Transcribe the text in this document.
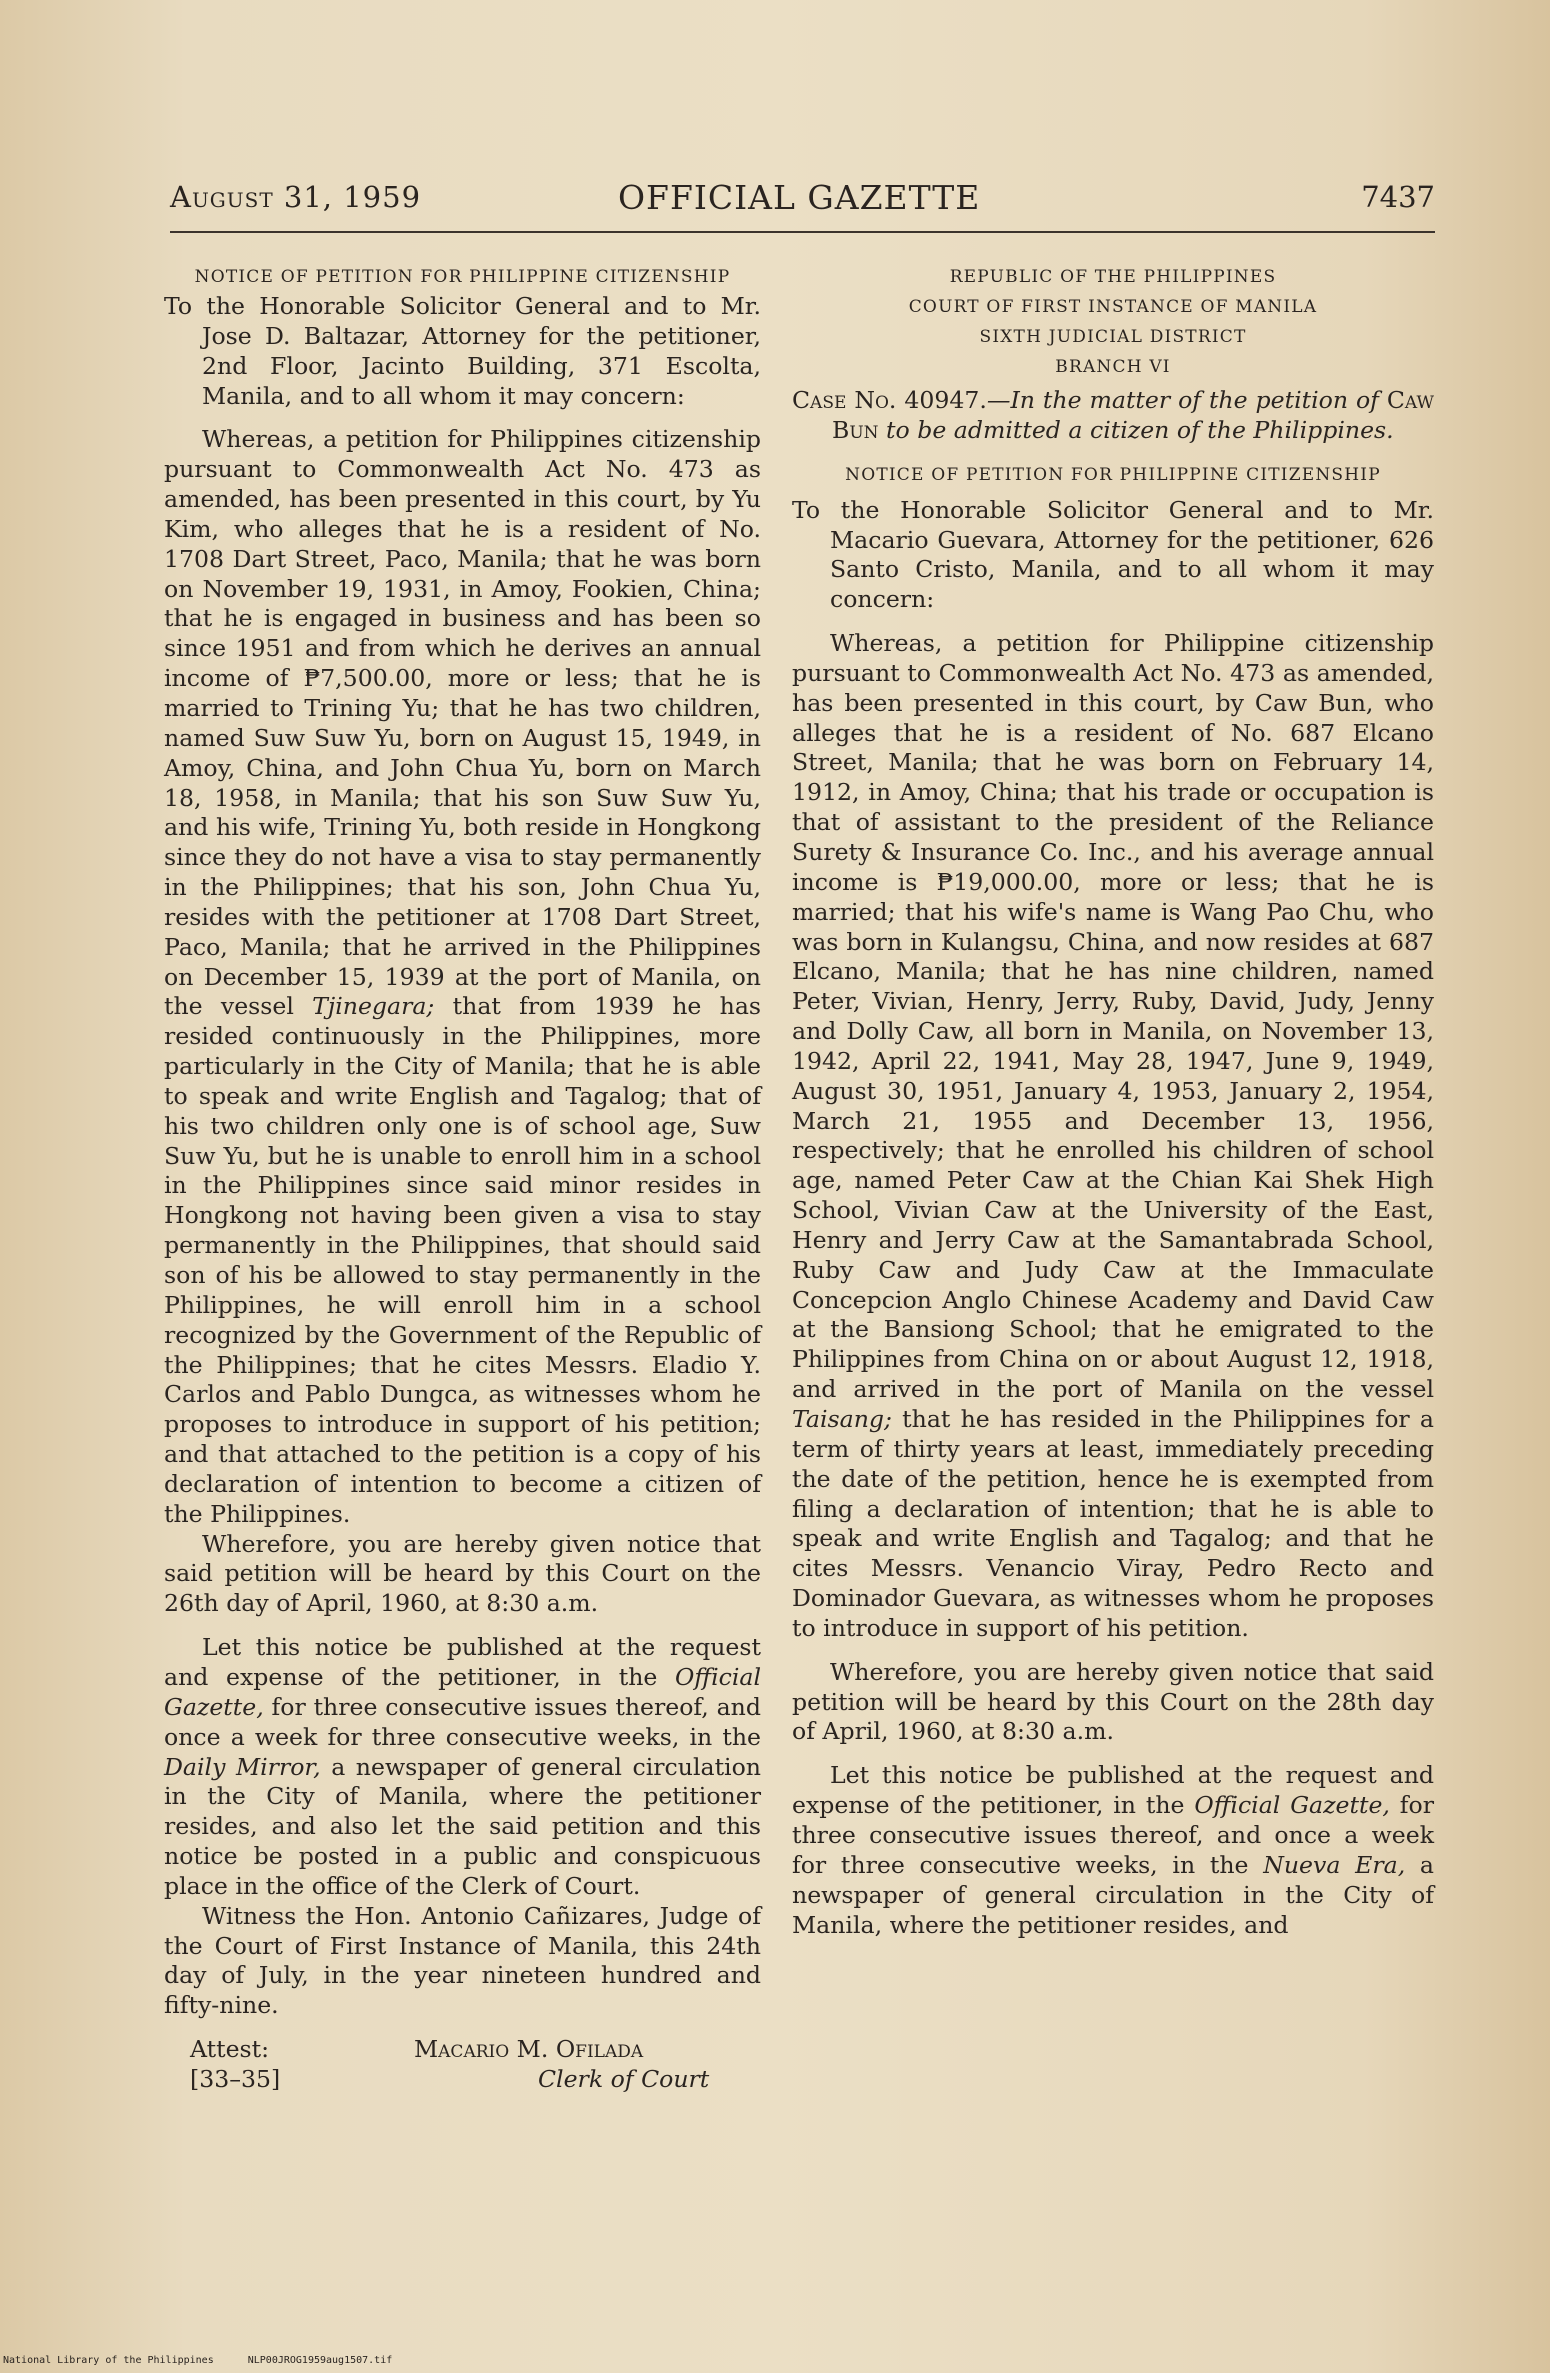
August 31, 1959	OFFICIAL GAZETTE	7437

NOTICE OF PETITION FOR PHILIPPINE CITIZENSHIP

To the Honorable Solicitor General and to Mr. Jose D. Baltazar, Attorney for the petitioner, 2nd Floor, Jacinto Building, 371 Escolta, Manila, and to all whom it may concern:

Whereas, a petition for Philippines citizenship pursuant to Commonwealth Act No. 473 as amended, has been presented in this court, by Yu Kim, who alleges that he is a resident of No. 1708 Dart Street, Paco, Manila; that he was born on November 19, 1931, in Amoy, Fookien, China; that he is engaged in business and has been so since 1951 and from which he derives an annual income of ₱7,500.00, more or less; that he is married to Trining Yu; that he has two children, named Suw Suw Yu, born on August 15, 1949, in Amoy, China, and John Chua Yu, born on March 18, 1958, in Manila; that his son Suw Suw Yu, and his wife, Trining Yu, both reside in Hongkong since they do not have a visa to stay permanently in the Philippines; that his son, John Chua Yu, resides with the petitioner at 1708 Dart Street, Paco, Manila; that he arrived in the Philippines on December 15, 1939 at the port of Manila, on the vessel Tjinegara; that from 1939 he has resided continuously in the Philippines, more particularly in the City of Manila; that he is able to speak and write English and Tagalog; that of his two children only one is of school age, Suw Suw Yu, but he is unable to enroll him in a school in the Philippines since said minor resides in Hongkong not having been given a visa to stay permanently in the Philippines, that should said son of his be allowed to stay permanently in the Philippines, he will enroll him in a school recognized by the Government of the Republic of the Philippines; that he cites Messrs. Eladio Y. Carlos and Pablo Dungca, as witnesses whom he proposes to introduce in support of his petition; and that attached to the petition is a copy of his declaration of intention to become a citizen of the Philippines.

Wherefore, you are hereby given notice that said petition will be heard by this Court on the 26th day of April, 1960, at 8:30 a.m.

Let this notice be published at the request and expense of the petitioner, in the Official Gazette, for three consecutive issues thereof, and once a week for three consecutive weeks, in the Daily Mirror, a newspaper of general circulation in the City of Manila, where the petitioner resides, and also let the said petition and this notice be posted in a public and conspicuous place in the office of the Clerk of Court.

Witness the Hon. Antonio Cañizares, Judge of the Court of First Instance of Manila, this 24th day of July, in the year nineteen hundred and fifty-nine.

Attest:
[33–35]
Macario M. Ofilada
Clerk of Court

REPUBLIC OF THE PHILIPPINES

COURT OF FIRST INSTANCE OF MANILA

SIXTH JUDICIAL DISTRICT

BRANCH VI

Case No. 40947.—In the matter of the petition of Caw Bun to be admitted a citizen of the Philippines.

NOTICE OF PETITION FOR PHILIPPINE CITIZENSHIP

To the Honorable Solicitor General and to Mr. Macario Guevara, Attorney for the petitioner, 626 Santo Cristo, Manila, and to all whom it may concern:

Whereas, a petition for Philippine citizenship pursuant to Commonwealth Act No. 473 as amended, has been presented in this court, by Caw Bun, who alleges that he is a resident of No. 687 Elcano Street, Manila; that he was born on February 14, 1912, in Amoy, China; that his trade or occupation is that of assistant to the president of the Reliance Surety & Insurance Co. Inc., and his average annual income is ₱19,000.00, more or less; that he is married; that his wife's name is Wang Pao Chu, who was born in Kulangsu, China, and now resides at 687 Elcano, Manila; that he has nine children, named Peter, Vivian, Henry, Jerry, Ruby, David, Judy, Jenny and Dolly Caw, all born in Manila, on November 13, 1942, April 22, 1941, May 28, 1947, June 9, 1949, August 30, 1951, January 4, 1953, January 2, 1954, March 21, 1955 and December 13, 1956, respectively; that he enrolled his children of school age, named Peter Caw at the Chian Kai Shek High School, Vivian Caw at the University of the East, Henry and Jerry Caw at the Samantabrada School, Ruby Caw and Judy Caw at the Immaculate Concepcion Anglo Chinese Academy and David Caw at the Bansiong School; that he emigrated to the Philippines from China on or about August 12, 1918, and arrived in the port of Manila on the vessel Taisang; that he has resided in the Philippines for a term of thirty years at least, immediately preceding the date of the petition, hence he is exempted from filing a declaration of intention; that he is able to speak and write English and Tagalog; and that he cites Messrs. Venancio Viray, Pedro Recto and Dominador Guevara, as witnesses whom he proposes to introduce in support of his petition.

Wherefore, you are hereby given notice that said petition will be heard by this Court on the 28th day of April, 1960, at 8:30 a.m.

Let this notice be published at the request and expense of the petitioner, in the Official Gazette, for three consecutive issues thereof, and once a week for three consecutive weeks, in the Nueva Era, a newspaper of general circulation in the City of Manila, where the petitioner resides, and

National Library of the Philippines	NLP00JROG1959aug1507.tif
